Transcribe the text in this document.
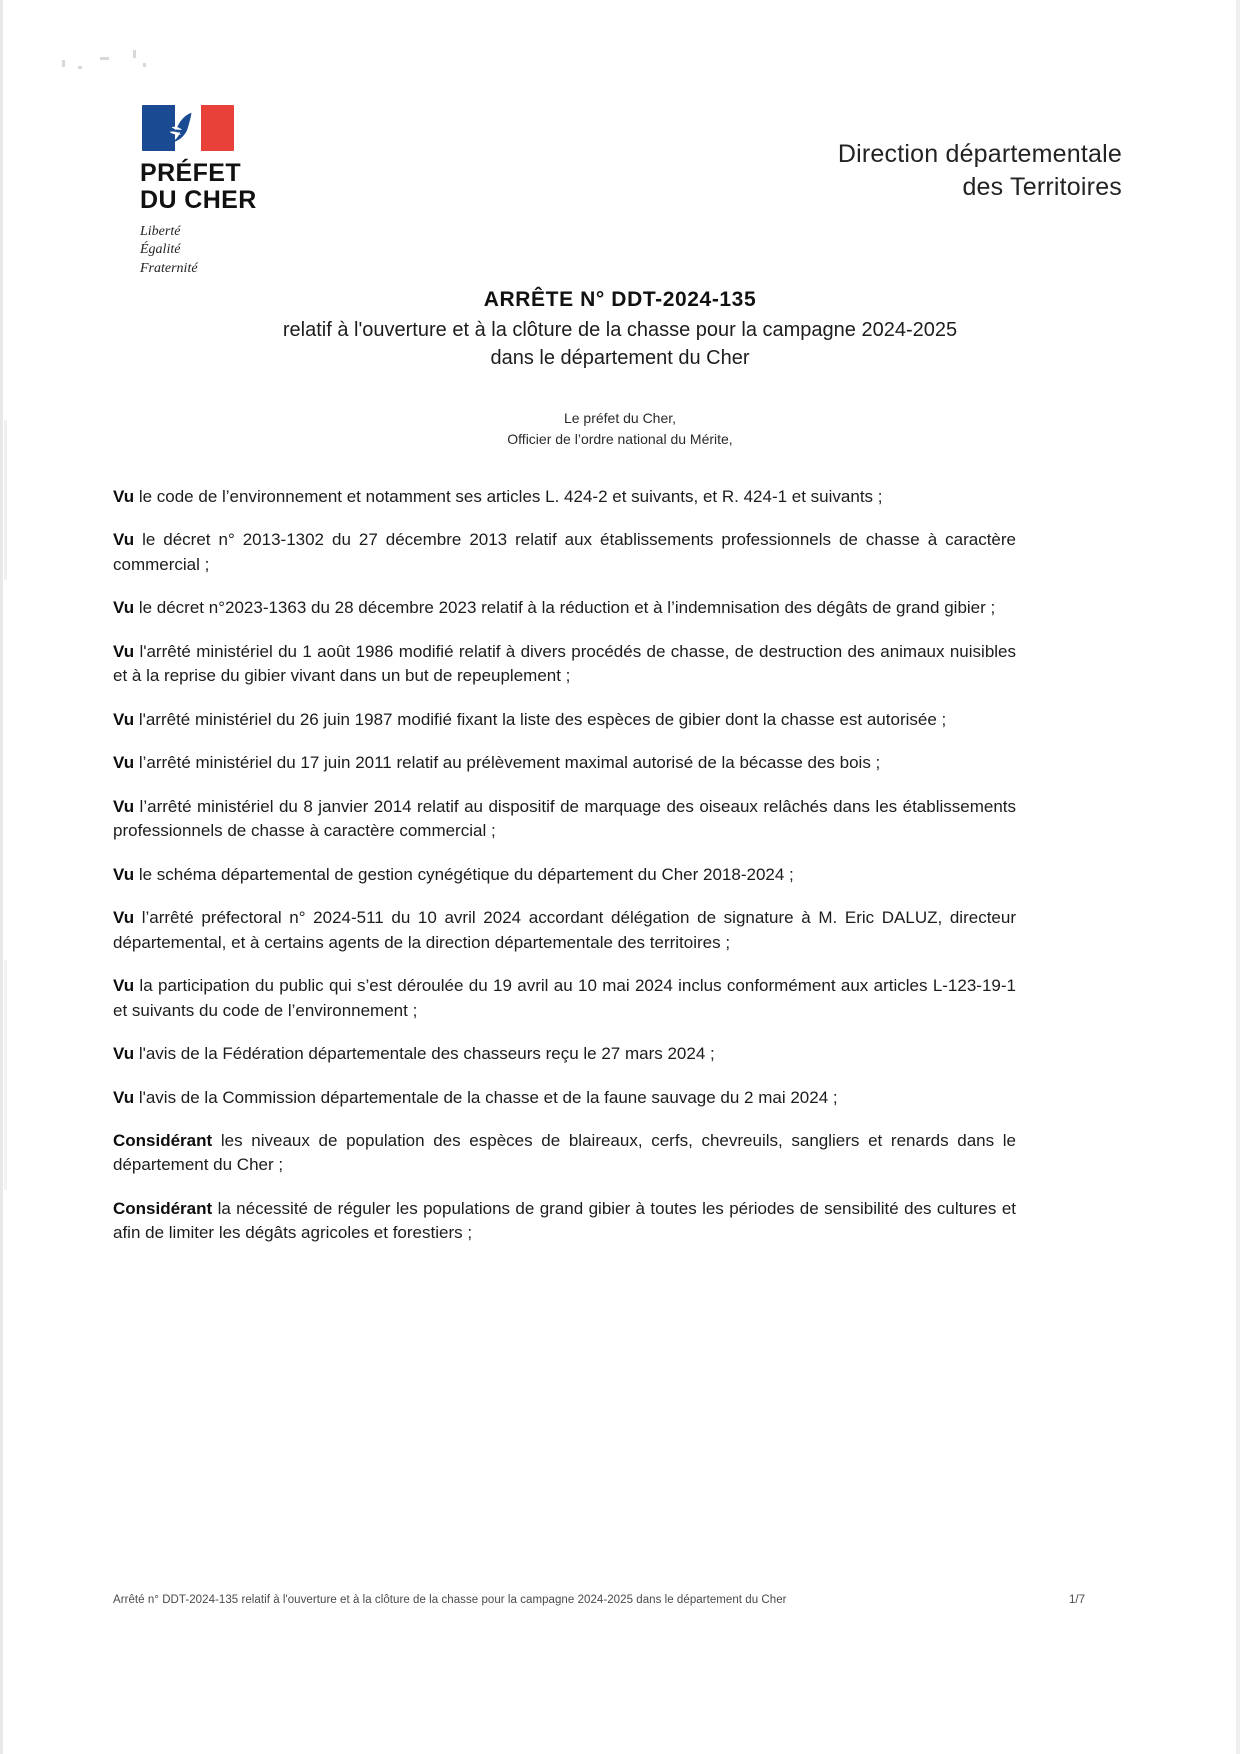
PRÉFET
DU CHER
Liberté
Égalité
Fraternité
Direction départementale
des Territoires
ARRÊTE N° DDT-2024-135
relatif à l'ouverture et à la clôture de la chasse pour la campagne 2024-2025
dans le département du Cher
Le préfet du Cher,
Officier de l’ordre national du Mérite,

Vu le code de l’environnement et notamment ses articles L. 424-2 et suivants, et R. 424-1 et suivants ;

Vu le décret n° 2013-1302 du 27 décembre 2013 relatif aux établissements professionnels de chasse à caractère commercial ;

Vu le décret n°2023-1363 du 28 décembre 2023 relatif à la réduction et à l’indemnisation des dégâts de grand gibier ;

Vu l'arrêté ministériel du 1 août 1986 modifié relatif à divers procédés de chasse, de destruction des animaux nuisibles et à la reprise du gibier vivant dans un but de repeuplement ;

Vu l'arrêté ministériel du 26 juin 1987 modifié fixant la liste des espèces de gibier dont la chasse est autorisée ;

Vu l’arrêté ministériel du 17 juin 2011 relatif au prélèvement maximal autorisé de la bécasse des bois ;

Vu l’arrêté ministériel du 8 janvier 2014 relatif au dispositif de marquage des oiseaux relâchés dans les établissements professionnels de chasse à caractère commercial ;

Vu le schéma départemental de gestion cynégétique du département du Cher 2018-2024 ;

Vu l’arrêté préfectoral n° 2024-511 du 10 avril 2024 accordant délégation de signature à M. Eric DALUZ, directeur départemental, et à certains agents de la direction départementale des territoires ;

Vu la participation du public qui s’est déroulée du 19 avril au 10 mai 2024 inclus conformément aux articles L-123-19-1 et suivants du code de l’environnement ;

Vu l'avis de la Fédération départementale des chasseurs reçu le 27 mars 2024 ;

Vu l'avis de la Commission départementale de la chasse et de la faune sauvage du 2 mai 2024 ;

Considérant les niveaux de population des espèces de blaireaux, cerfs, chevreuils, sangliers et renards dans le département du Cher ;

Considérant la nécessité de réguler les populations de grand gibier à toutes les périodes de sensibilité des cultures et afin de limiter les dégâts agricoles et forestiers ;

Arrêté n° DDT-2024-135 relatif à l'ouverture et à la clôture de la chasse pour la campagne 2024-2025 dans le département du Cher	1/7
